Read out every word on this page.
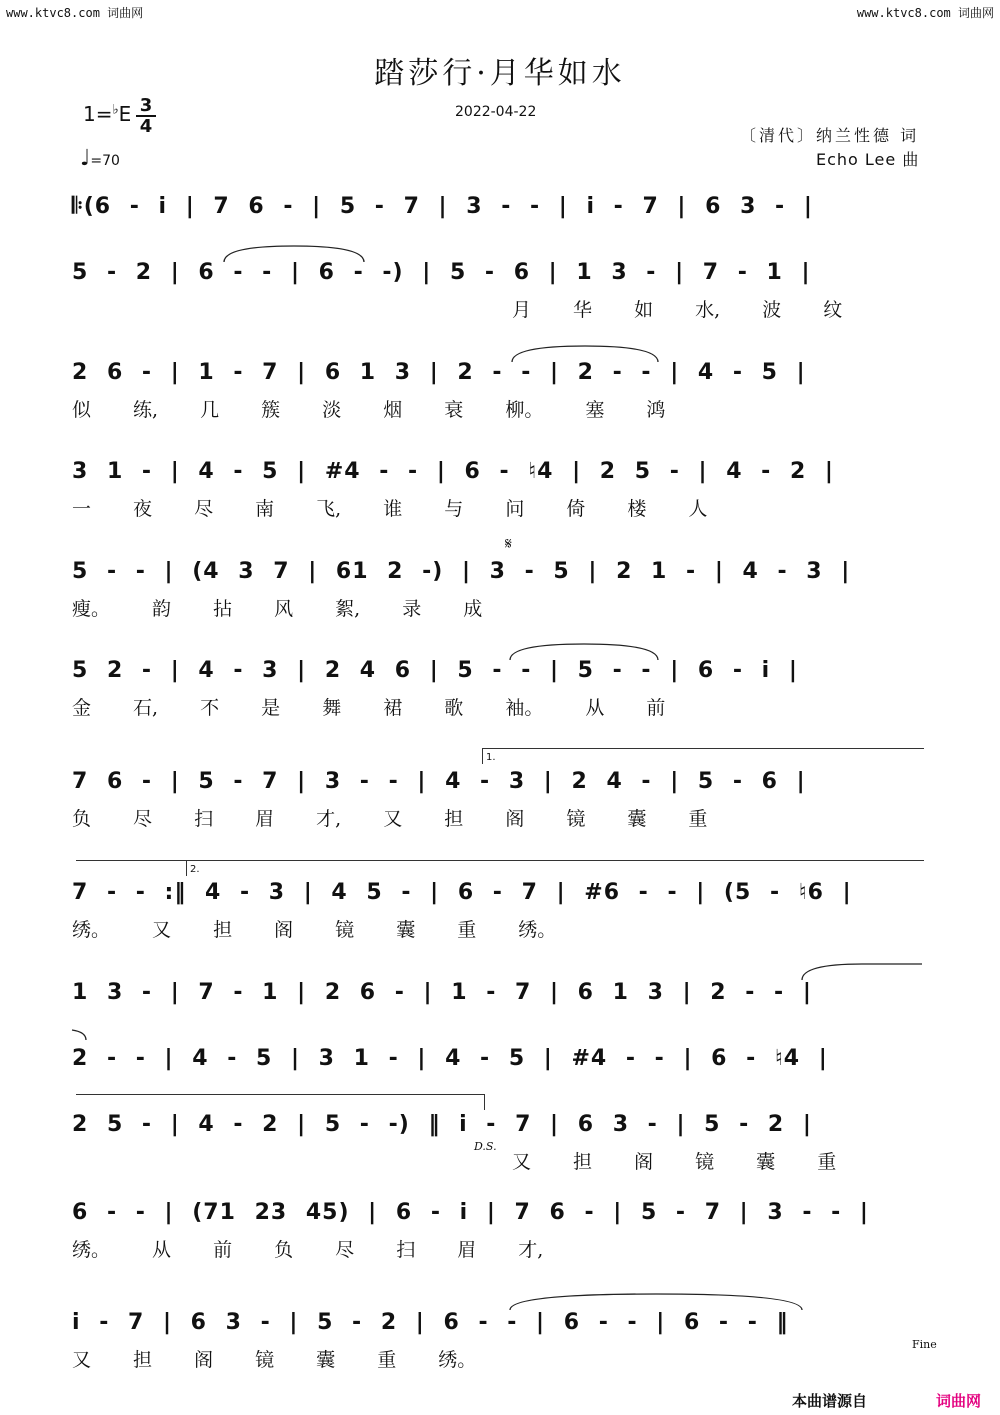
www.ktvc8.com 词曲网	www.ktvc8.com 词曲网
踏莎行·月华如水
2022-04-22
$1=^♭E \frac{3}{4}$
♩=70
〔清代〕纳兰性德 词
Echo Lee 曲
𝄆(6 - i | 7 6 - | 5 - 7 | 3 - - | i - 7 | 6 3 - |
5 - 2 | 6 - - | 6 - -) | 5 - 6 | 1 3 - | 7 - 1 |
月 华 如 水, 波 纹
2 6 - | 1 - 7 | 6 1 3 | 2 - - | 2 - - | 4 - 5 |
似 练, 几 簇 淡 烟 衰 柳。 塞 鸿
3 1 - | 4 - 5 | #4 - - | 6 - ♮4 | 2 5 - | 4 - 2 |
一 夜 尽 南 飞, 谁 与 问 倚 楼 人
5 - - | (4 3 7 | 61 2 -) | 3 - 5 | 2 1 - | 4 - 3 |
瘦。 韵 拈 风 絮, 录 成
5 2 - | 4 - 3 | 2 4 6 | 5 - - | 5 - - | 6 - i |
金 石, 不 是 舞 裙 歌 袖。 从 前
7 6 - | 5 - 7 | 3 - - | 4 - 3 | 2 4 - | 5 - 6 |
负 尽 扫 眉 才, 又 担 阁 镜 囊 重
7 - - :‖ 4 - 3 | 4 5 - | 6 - 7 | #6 - - | (5 - ♮6 |
绣。 又 担 阁 镜 囊 重 绣。
1 3 - | 7 - 1 | 2 6 - | 1 - 7 | 6 1 3 | 2 - - |
2 - - | 4 - 5 | 3 1 - | 4 - 5 | #4 - - | 6 - ♮4 |
2 5 - | 4 - 2 | 5 - -) ‖ i - 7 | 6 3 - | 5 - 2 |
又 担 阁 镜 囊 重
6 - - | (71 23 45) | 6 - i | 7 6 - | 5 - 7 | 3 - - |
绣。 从 前 负 尽 扫 眉 才,
i - 7 | 6 3 - | 5 - 2 | 6 - - | 6 - - | 6 - - ‖
又 担 阁 镜 囊 重 绣。
𝄋
1.
2.
D.S.
Fine
本曲谱源自	词曲网
